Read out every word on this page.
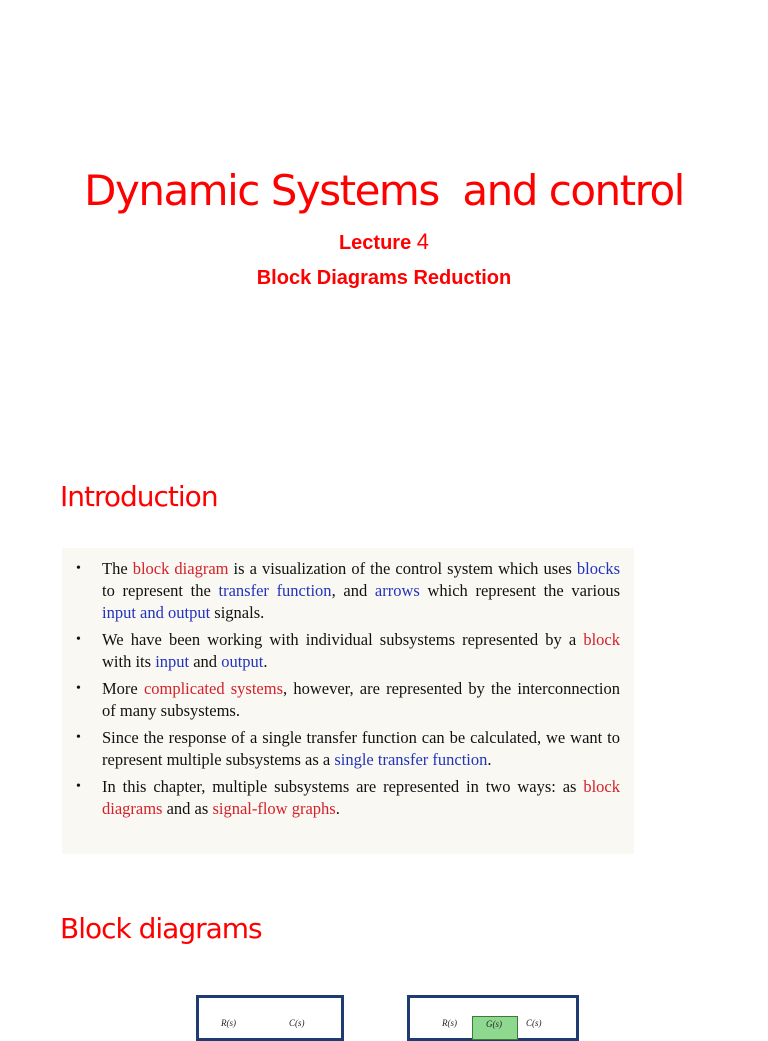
Dynamic Systems  and control
Lecture 4
Block Diagrams Reduction
Introduction
• The block diagram is a visualization of the control system which uses blocks to represent the transfer function, and arrows which represent the various input and output signals.
• We have been working with individual subsystems represented by a block with its input and output.
• More complicated systems, however, are represented by the interconnection of many subsystems.
• Since the response of a single transfer function can be calculated, we want to represent multiple subsystems as a single transfer function.
• In this chapter, multiple subsystems are represented in two ways: as block diagrams and as signal-flow graphs.
Block diagrams
R(s)	C(s)	R(s)	G(s)	C(s)
